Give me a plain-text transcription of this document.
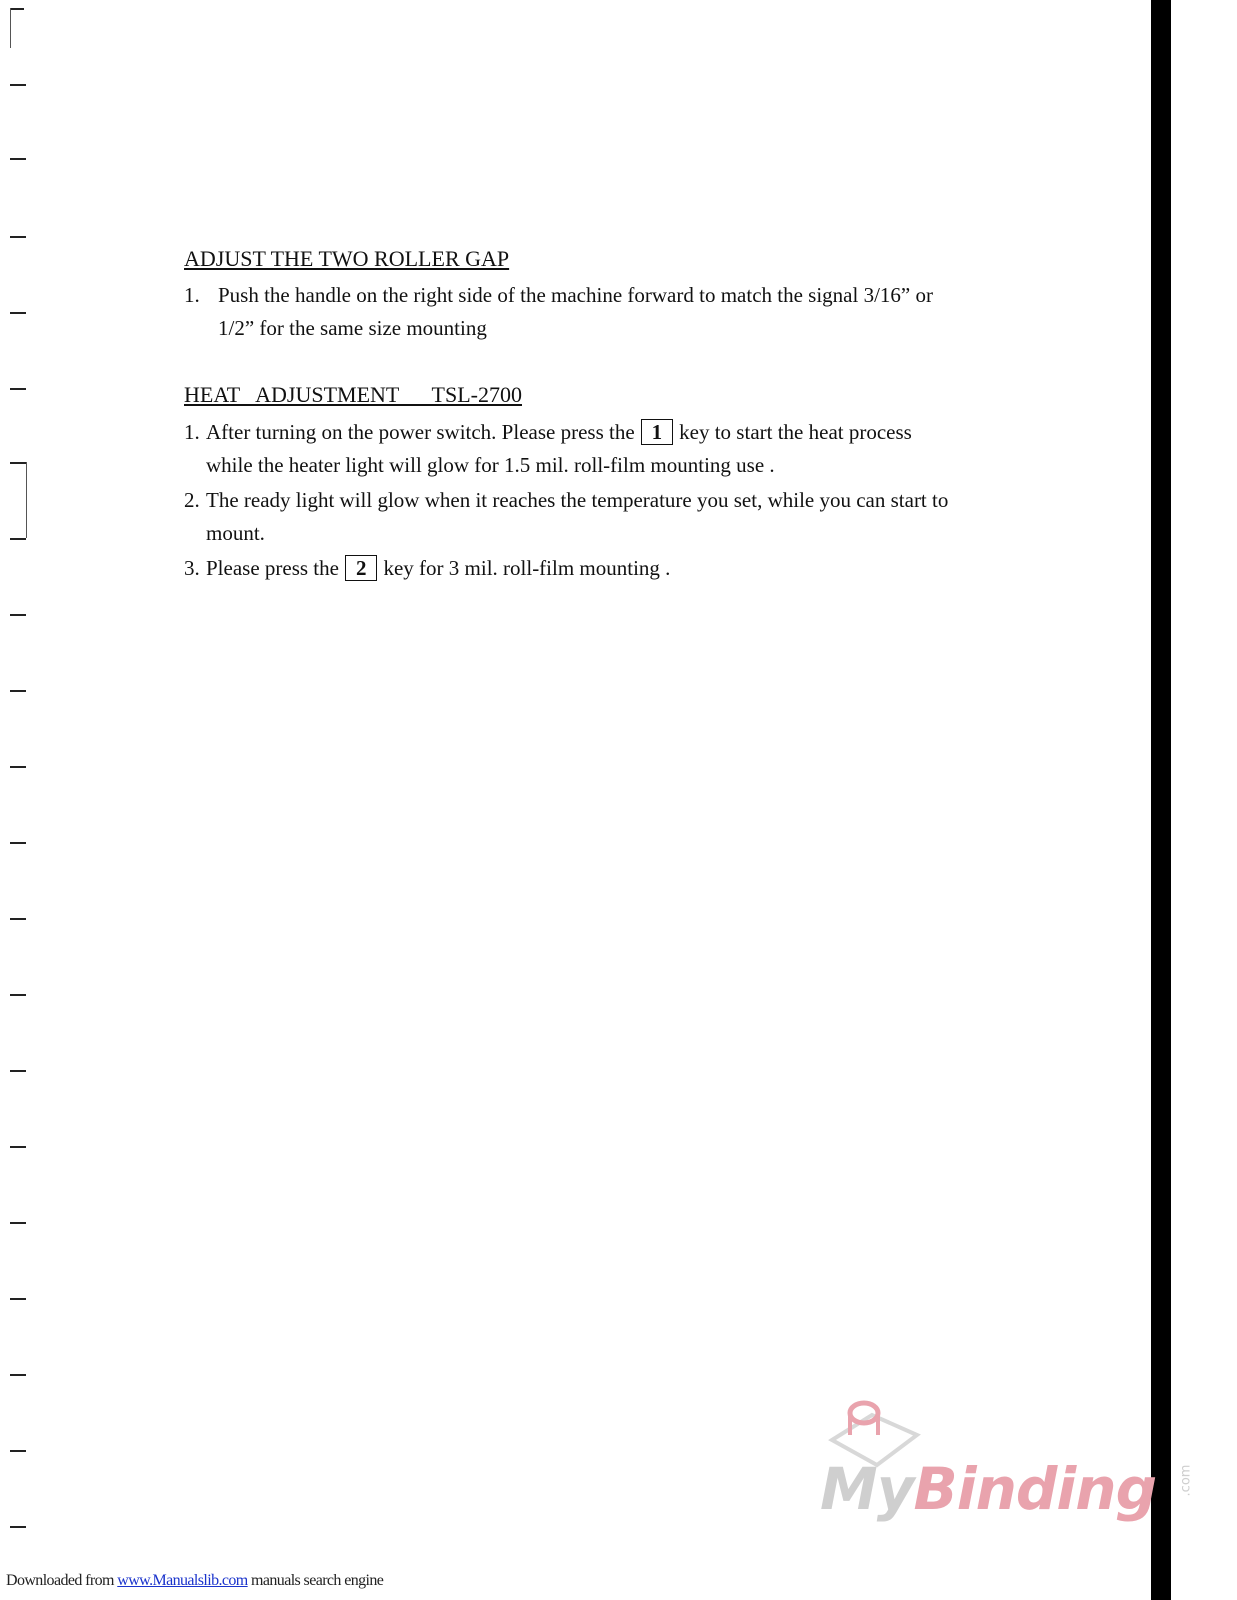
ADJUST THE TWO ROLLER GAP
1. Push the handle on the right side of the machine forward to match the signal 3/16” or
1/2” for the same size mounting
HEAT   ADJUSTMENT      TSL-2700
1. After turning on the power switch. Please press the 1 key to start the heat process
while the heater light will glow for 1.5 mil. roll-film mounting use .
2. The ready light will glow when it reaches the temperature you set, while you can start to
mount.
3. Please press the 2 key for 3 mil. roll-film mounting .
MyBinding .com
Downloaded from www.Manualslib.com manuals search engine
